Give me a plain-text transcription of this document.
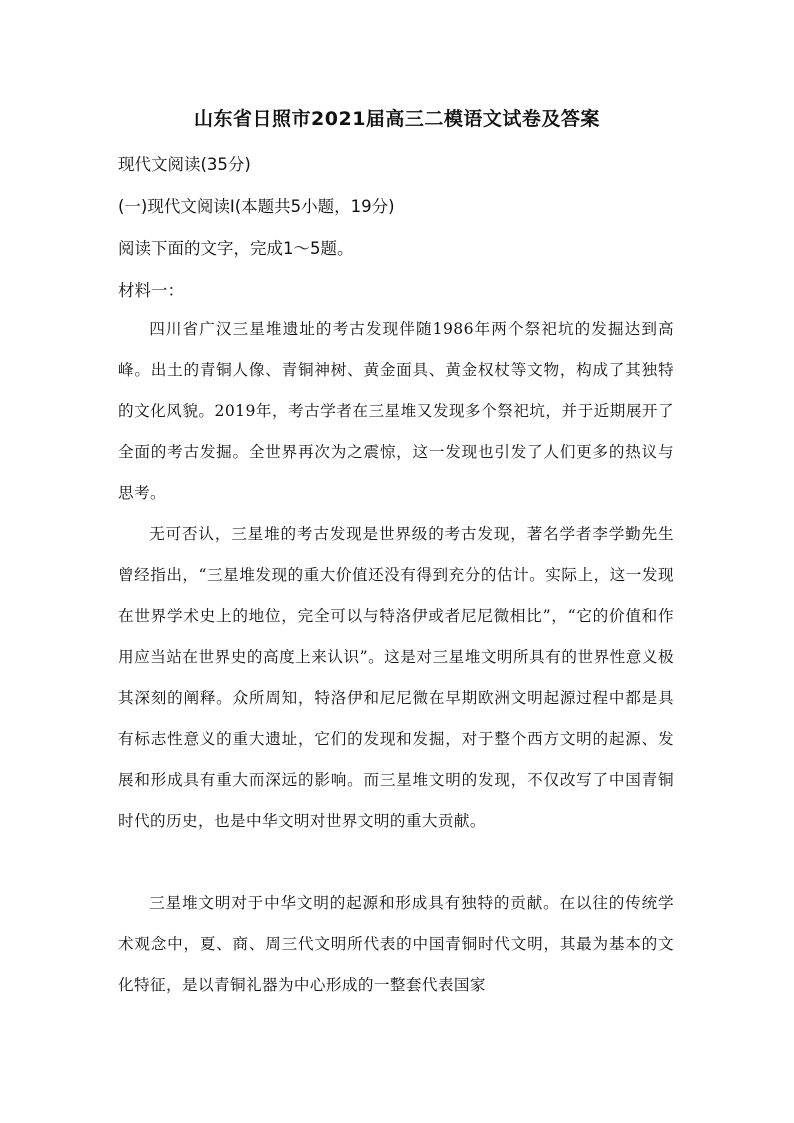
山东省日照市2021届高三二模语文试卷及答案
现代文阅读(35分)
(一)现代文阅读Ⅰ(本题共5小题，19分)
阅读下面的文字，完成1～5题。
材料一：

四川省广汉三星堆遗址的考古发现伴随1986年两个祭祀坑的发掘达到高峰。出土的青铜人像、青铜神树、黄金面具、黄金权杖等文物，构成了其独特的文化风貌。2019年，考古学者在三星堆又发现多个祭祀坑，并于近期展开了全面的考古发掘。全世界再次为之震惊，这一发现也引发了人们更多的热议与思考。

无可否认，三星堆的考古发现是世界级的考古发现，著名学者李学勤先生曾经指出，“三星堆发现的重大价值还没有得到充分的估计。实际上，这一发现在世界学术史上的地位，完全可以与特洛伊或者尼尼微相比”，“它的价值和作用应当站在世界史的高度上来认识”。这是对三星堆文明所具有的世界性意义极其深刻的阐释。众所周知，特洛伊和尼尼微在早期欧洲文明起源过程中都是具有标志性意义的重大遗址，它们的发现和发掘，对于整个西方文明的起源、发展和形成具有重大而深远的影响。而三星堆文明的发现，不仅改写了中国青铜时代的历史，也是中华文明对世界文明的重大贡献。

三星堆文明对于中华文明的起源和形成具有独特的贡献。在以往的传统学术观念中，夏、商、周三代文明所代表的中国青铜时代文明，其最为基本的文化特征，是以青铜礼器为中心形成的一整套代表国家
